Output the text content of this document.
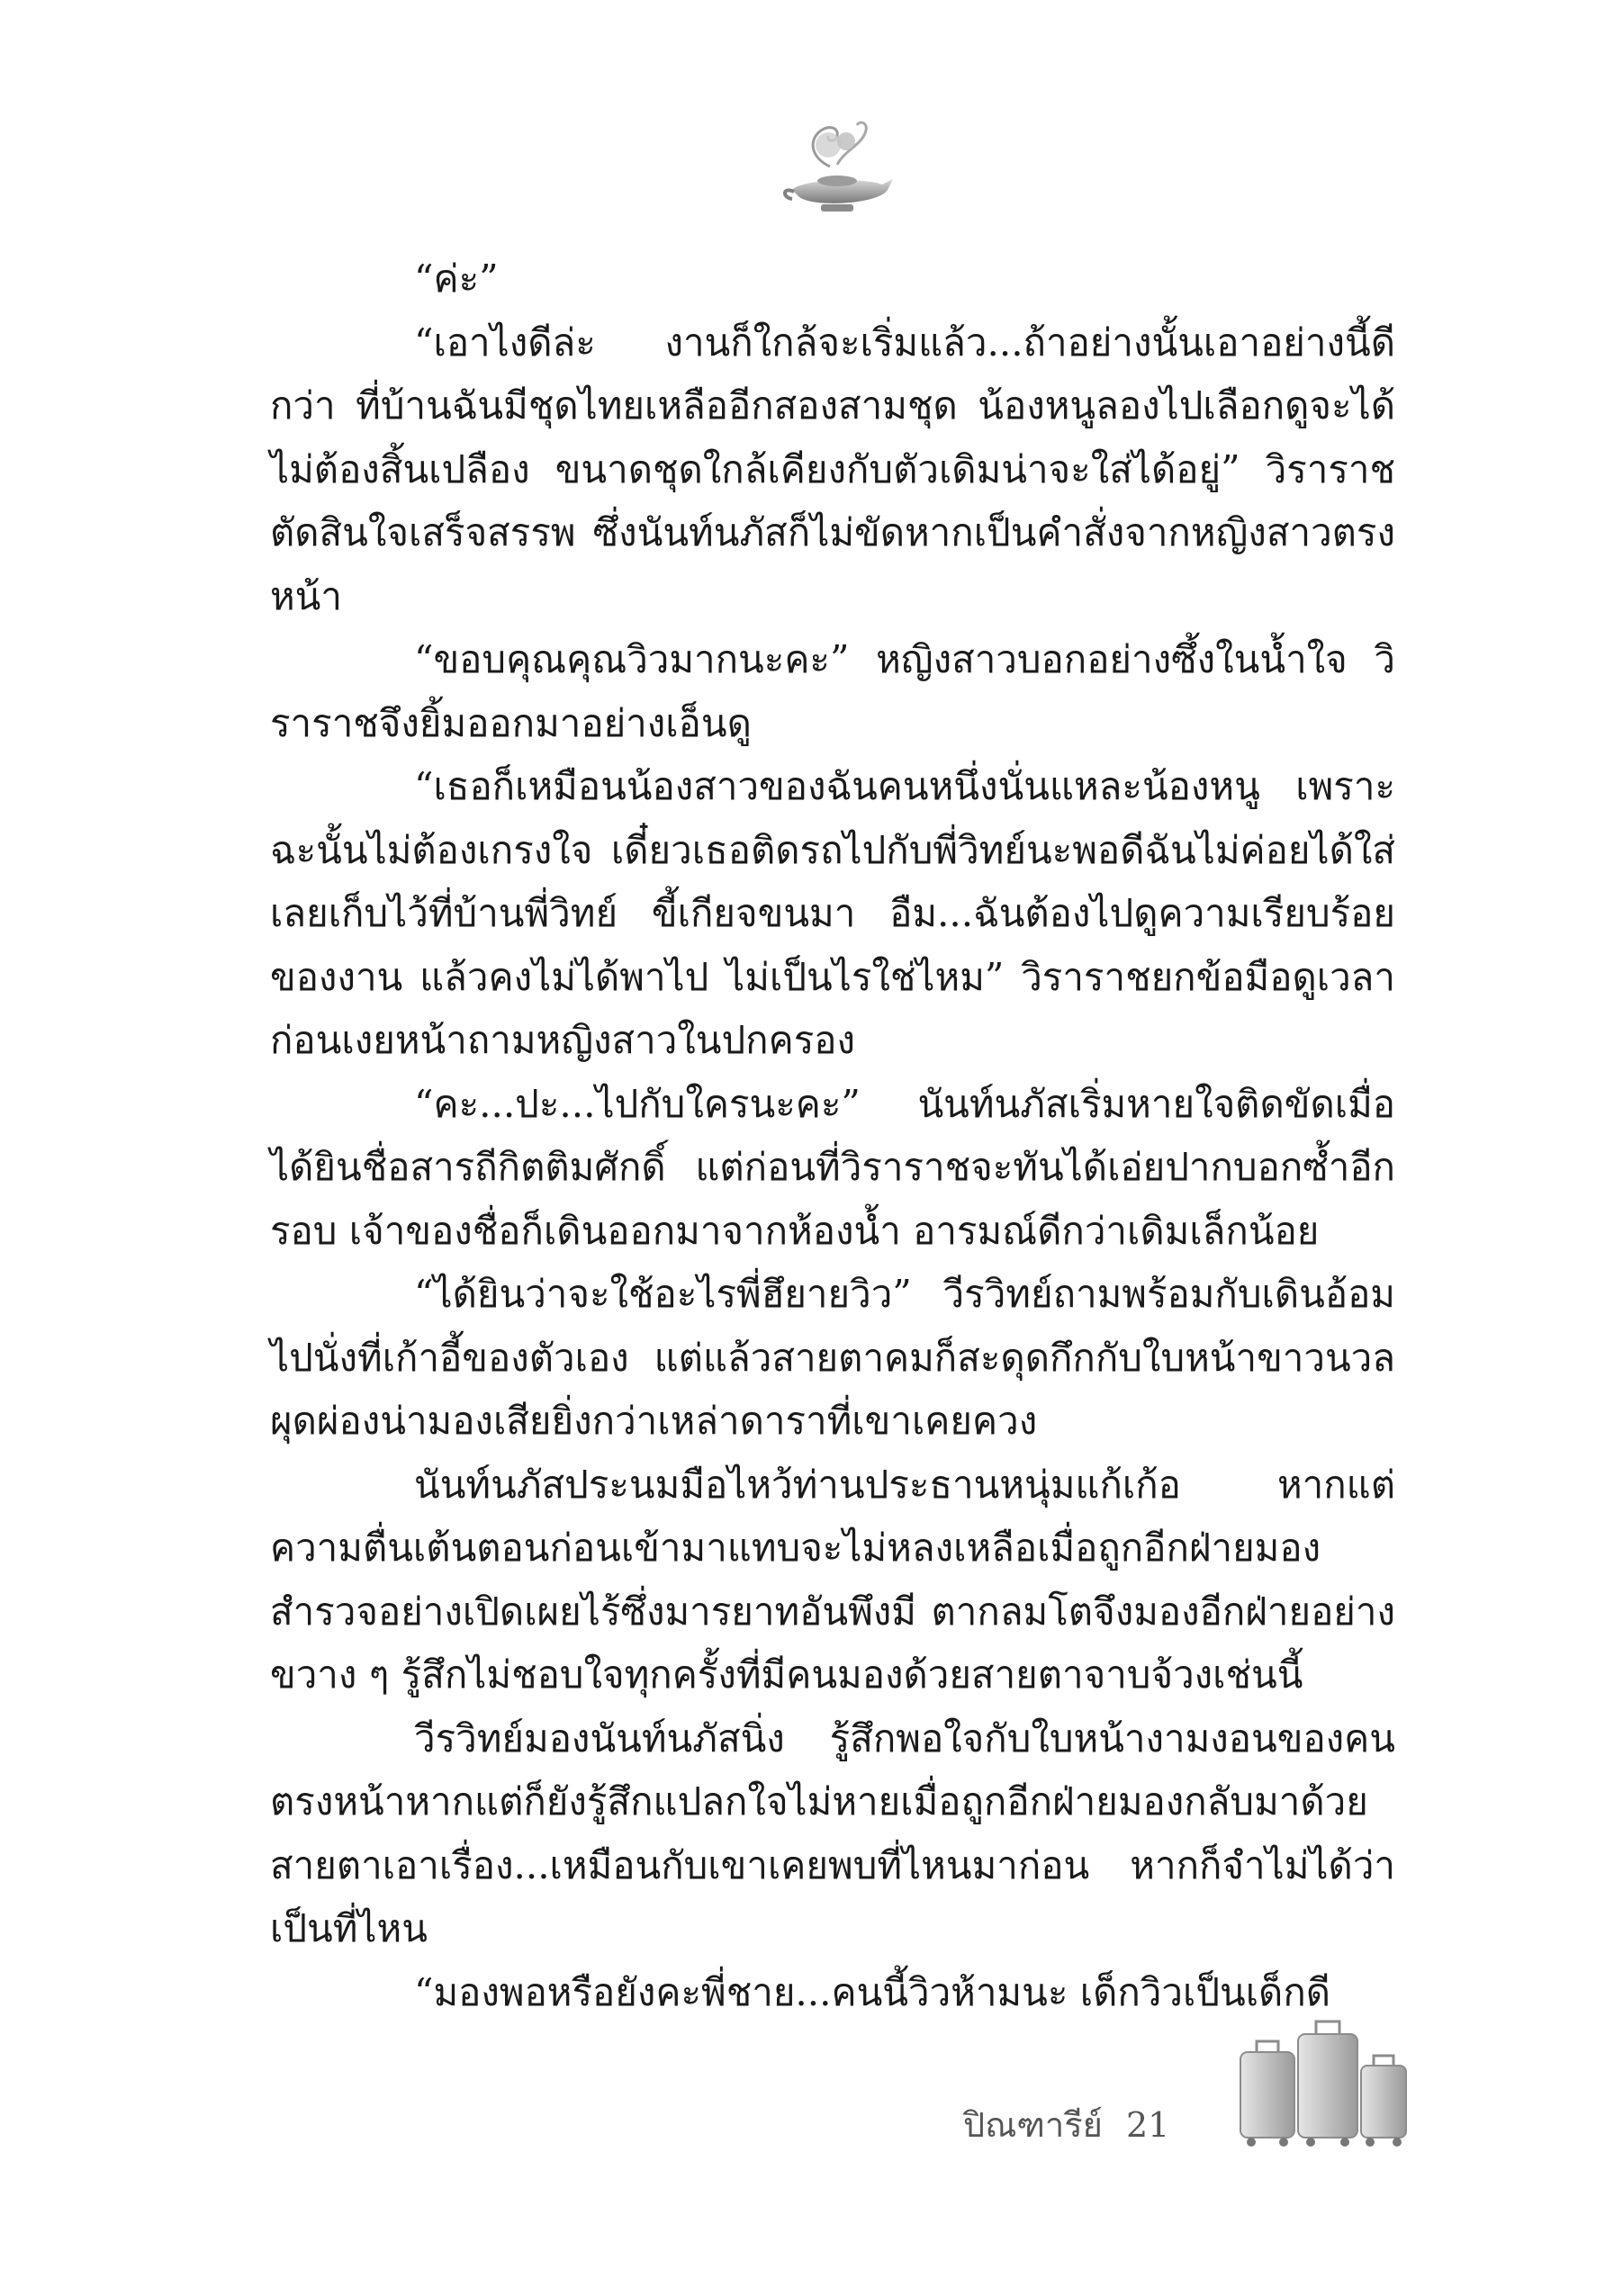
“ค่ะ”

“เอาไงดีล่ะ งานก็ใกล้จะเริ่มแล้ว...ถ้าอย่างนั้นเอาอย่างนี้ดีกว่า ที่บ้านฉันมีชุดไทยเหลืออีกสองสามชุด น้องหนูลองไปเลือกดูจะได้ไม่ต้องสิ้นเปลือง ขนาดชุดใกล้เคียงกับตัวเดิมน่าจะใส่ได้อยู่” วิราราชตัดสินใจเสร็จสรรพ ซึ่งนันท์นภัสก็ไม่ขัดหากเป็นคำสั่งจากหญิงสาวตรงหน้า

“ขอบคุณคุณวิวมากนะคะ” หญิงสาวบอกอย่างซึ้งในน้ำใจ วิราราชจึงยิ้มออกมาอย่างเอ็นดู

“เธอก็เหมือนน้องสาวของฉันคนหนึ่งนั่นแหละน้องหนู เพราะฉะนั้นไม่ต้องเกรงใจ เดี๋ยวเธอติดรถไปกับพี่วิทย์นะพอดีฉันไม่ค่อยได้ใส่เลยเก็บไว้ที่บ้านพี่วิทย์ ขี้เกียจขนมา อืม...ฉันต้องไปดูความเรียบร้อยของงาน แล้วคงไม่ได้พาไป ไม่เป็นไรใช่ไหม” วิราราชยกข้อมือดูเวลาก่อนเงยหน้าถามหญิงสาวในปกครอง

“คะ...ปะ...ไปกับใครนะคะ” นันท์นภัสเริ่มหายใจติดขัดเมื่อได้ยินชื่อสารถีกิตติมศักดิ์ แต่ก่อนที่วิราราชจะทันได้เอ่ยปากบอกซ้ำอีกรอบ เจ้าของชื่อก็เดินออกมาจากห้องน้ำ อารมณ์ดีกว่าเดิมเล็กน้อย

“ได้ยินว่าจะใช้อะไรพี่ฮึยายวิว” วีรวิทย์ถามพร้อมกับเดินอ้อมไปนั่งที่เก้าอี้ของตัวเอง แต่แล้วสายตาคมก็สะดุดกึกกับใบหน้าขาวนวลผุดผ่องน่ามองเสียยิ่งกว่าเหล่าดาราที่เขาเคยควง

นันท์นภัสประนมมือไหว้ท่านประธานหนุ่มแก้เก้อ หากแต่ความตื่นเต้นตอนก่อนเข้ามาแทบจะไม่หลงเหลือเมื่อถูกอีกฝ่ายมองสำรวจอย่างเปิดเผยไร้ซึ่งมารยาทอันพึงมี ตากลมโตจึงมองอีกฝ่ายอย่างขวาง ๆ รู้สึกไม่ชอบใจทุกครั้งที่มีคนมองด้วยสายตาจาบจ้วงเช่นนี้

วีรวิทย์มองนันท์นภัสนิ่ง รู้สึกพอใจกับใบหน้างามงอนของคนตรงหน้าหากแต่ก็ยังรู้สึกแปลกใจไม่หายเมื่อถูกอีกฝ่ายมองกลับมาด้วยสายตาเอาเรื่อง...เหมือนกับเขาเคยพบที่ไหนมาก่อน หากก็จำไม่ได้ว่าเป็นที่ไหน

“มองพอหรือยังคะพี่ชาย...คนนี้วิวห้ามนะ เด็กวิวเป็นเด็กดี

ปิณฑารีย์ 21
